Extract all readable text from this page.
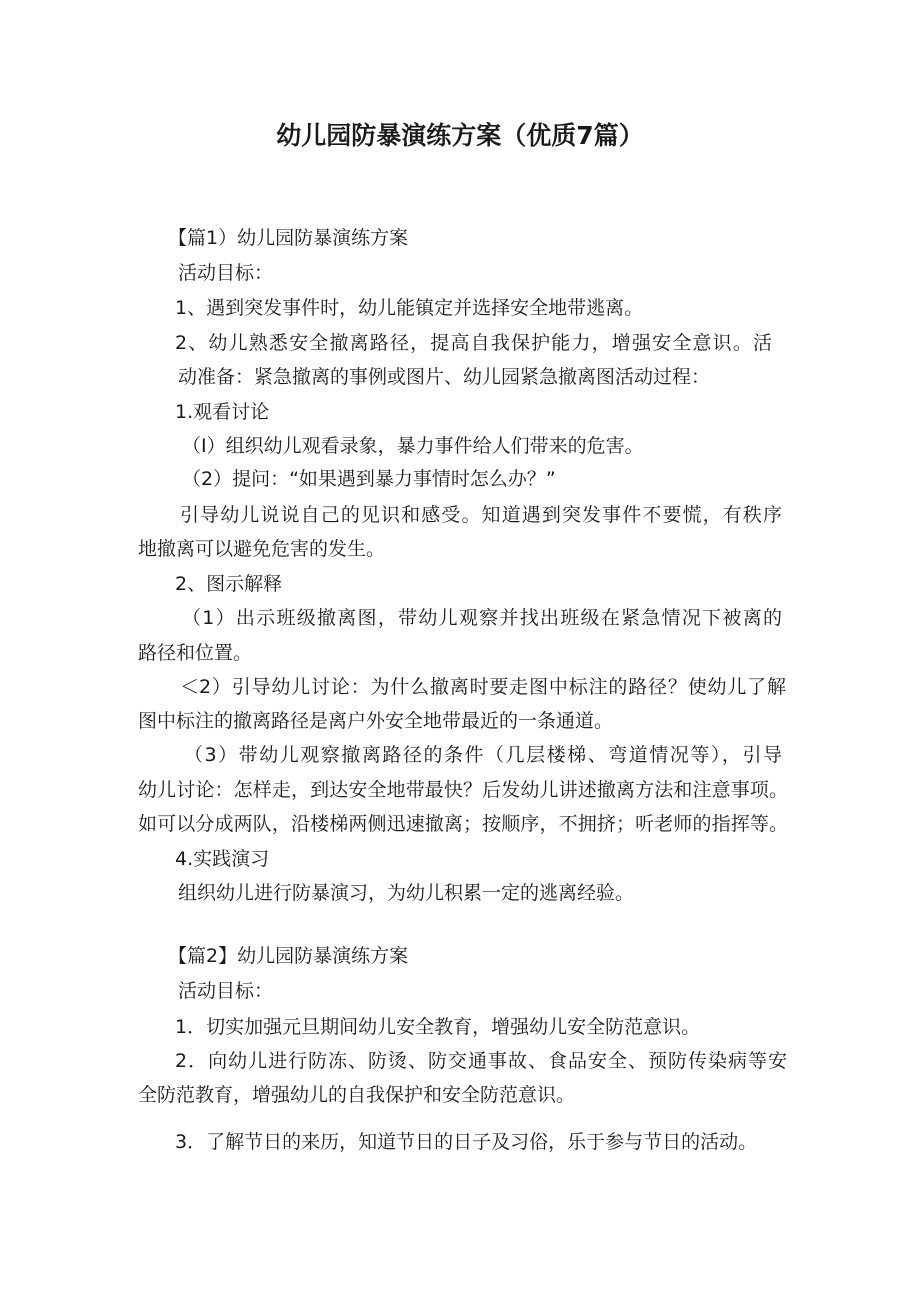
幼儿园防暴演练方案（优质7篇）
【篇1）幼儿园防暴演练方案
活动目标：
1、遇到突发事件时，幼儿能镇定并选择安全地带逃离。
2、幼儿熟悉安全撤离路径，提高自我保护能力，增强安全意识。活
动准备：紧急撤离的事例或图片、幼儿园紧急撤离图活动过程：
1.观看讨论
（I）组织幼儿观看录象，暴力事件给人们带来的危害。
（2）提问：“如果遇到暴力事情时怎么办？”
引导幼儿说说自己的见识和感受。知道遇到突发事件不要慌，有秩序
地撤离可以避免危害的发生。
2、图示解释
（1）出示班级撤离图，带幼儿观察并找出班级在紧急情况下被离的
路径和位置。
＜2）引导幼儿讨论：为什么撤离时要走图中标注的路径？使幼儿了解
图中标注的撤离路径是离户外安全地带最近的一条通道。
（3）带幼儿观察撤离路径的条件（几层楼梯、弯道情况等），引导
幼儿讨论：怎样走，到达安全地带最快？后发幼儿讲述撤离方法和注意事项。
如可以分成两队，沿楼梯两侧迅速撤离；按顺序，不拥挤；听老师的指挥等。
4.实践演习
组织幼儿进行防暴演习，为幼儿积累一定的逃离经验。
【篇2】幼儿园防暴演练方案
活动目标：
1．切实加强元旦期间幼儿安全教育，增强幼儿安全防范意识。
2．向幼儿进行防冻、防烫、防交通事故、食品安全、预防传染病等安
全防范教育，增强幼儿的自我保护和安全防范意识。
3．了解节日的来历，知道节日的日子及习俗，乐于参与节日的活动。
